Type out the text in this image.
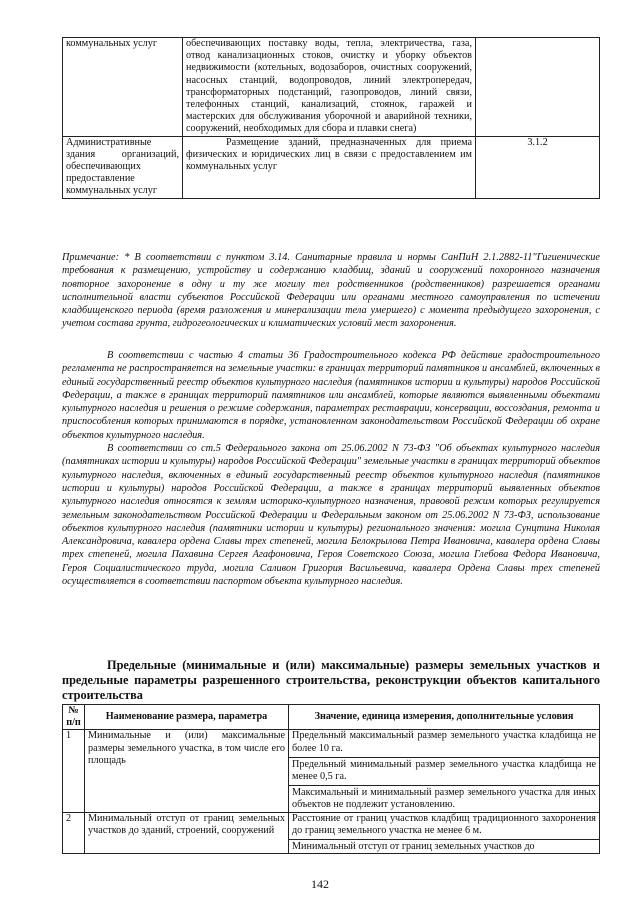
коммунальных услуг	обеспечивающих поставку воды, тепла, электричества, газа, отвод канализационных стоков, очистку и уборку объектов недвижимости (котельных, водозаборов, очистных сооружений, насосных станций, водопроводов, линий электропередач, трансформаторных подстанций, газопроводов, линий связи, телефонных станций, канализаций, стоянок, гаражей и мастерских для обслуживания уборочной и аварийной техники, сооружений, необходимых для сбора и плавки снега)	
Административные здания организаций, обеспечивающих предоставление коммунальных услуг	Размещение зданий, предназначенных для приема физических и юридических лиц в связи с предоставлением им коммунальных услуг	3.1.2

Примечание: * В соответствии с пунктом 3.14. Санитарные правила и нормы СанПиН 2.1.2882-11"Гигиенические требования к размещению, устройству и содержанию кладбищ, зданий и сооружений похоронного назначения повторное захоронение в одну и ту же могилу тел родственников (родственников) разрешается органами исполнительной власти субъектов Российской Федерации или органами местного самоуправления по истечении кладбищенского периода (время разложения и минерализации тела умершего) с момента предыдущего захоронения, с учетом состава грунта, гидрогеологических и климатических условий мест захоронения.

В соответствии с частью 4 статьи 36 Градостроительного кодекса РФ действие градостроительного регламента не распространяется на земельные участки: в границах территорий памятников и ансамблей, включенных в единый государственный реестр объектов культурного наследия (памятников истории и культуры) народов Российской Федерации, а также в границах территорий памятников или ансамблей, которые являются выявленными объектами культурного наследия и решения о режиме содержания, параметрах реставрации, консервации, воссоздания, ремонта и приспособления которых принимаются в порядке, установленном законодательством Российской Федерации об охране объектов культурного наследия.

В соответствии со ст.5 Федерального закона от 25.06.2002 N 73-ФЗ "Об объектах культурного наследия (памятниках истории и культуры) народов Российской Федерации" земельные участки в границах территорий объектов культурного наследия, включенных в единый государственный реестр объектов культурного наследия (памятников истории и культуры) народов Российской Федерации, а также в границах территорий выявленных объектов культурного наследия относятся к землям историко-культурного назначения, правовой режим которых регулируется земельным законодательством Российской Федерации и Федеральным законом от 25.06.2002 N 73-ФЗ, использование объектов культурного наследия (памятники истории и культуры) регионального значения: могила Сунцтина Николая Александровича, кавалера ордена Славы трех степеней, могила Белокрылова Петра Ивановича, кавалера ордена Славы трех степеней, могила Пахавина Сергея Агафоновича, Героя Советского Союза, могила Глебова Федора Ивановича, Героя Социалистического труда, могила Саливон Григория Васильевича, кавалера Ордена Славы трех степеней осуществляется в соответствии паспортом объекта культурного наследия.

Предельные (минимальные и (или) максимальные) размеры земельных участков и предельные параметры разрешенного строительства, реконструкции объектов капитального строительства
№ п/п	Наименование размера, параметра	Значение, единица измерения, дополнительные условия
1	Минимальные и (или) максимальные размеры земельного участка, в том числе его площадь	Предельный максимальный размер земельного участка кладбища не более 10 га.
Предельный минимальный размер земельного участка кладбища не менее 0,5 га.
Максимальный и минимальный размер земельного участка для иных объектов не подлежит установлению.

2	Минимальный отступ от границ земельных участков до зданий, строений, сооружений	Расстояние от границ участков кладбищ традиционного захоронения до границ земельного участка не менее 6 м.
Минимальный отступ от границ земельных участков до
142
